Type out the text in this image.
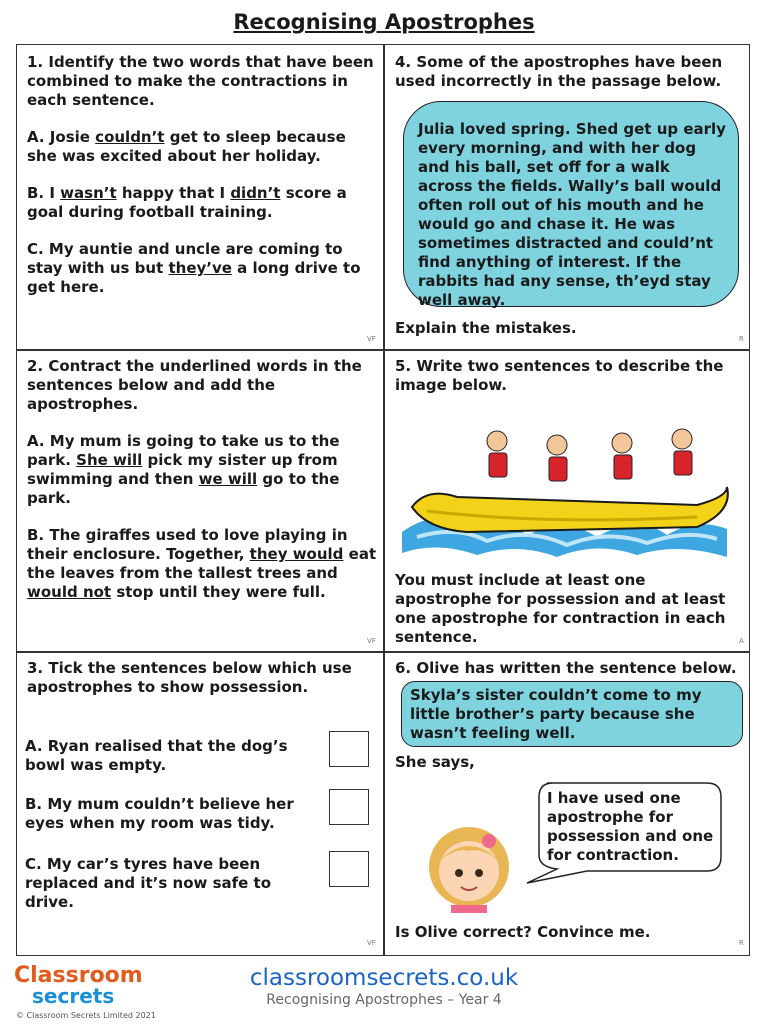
Recognising Apostrophes

1. Identify the two words that have been combined to make the contractions in each sentence.

A. Josie couldn’t get to sleep because she was excited about her holiday.

B. I wasn’t happy that I didn’t score a goal during football training.

C. My auntie and uncle are coming to stay with us but they’ve a long drive to get here.

VF
4. Some of the apostrophes have been used incorrectly in the passage below.
Julia loved spring. Shed get up early every morning, and with her dog and his ball, set off for a walk across the fields. Wally’s ball would often roll out of his mouth and he would go and chase it. He was sometimes distracted and could’nt find anything of interest. If the rabbits had any sense, th’eyd stay well away.
Explain the mistakes.
R

2. Contract the underlined words in the sentences below and add the apostrophes.

A. My mum is going to take us to the park. She will pick my sister up from swimming and then we will go to the park.

B. The giraffes used to love playing in their enclosure. Together, they would eat the leaves from the tallest trees and would not stop until they were full.

VF
5. Write two sentences to describe the image below.
You must include at least one apostrophe for possession and at least one apostrophe for contraction in each sentence.	A
3. Tick the sentences below which use apostrophes to show possession.
A. Ryan realised that the dog’s bowl was empty.
B. My mum couldn’t believe her eyes when my room was tidy.
C. My car’s tyres have been replaced and it’s now safe to drive.
VF
6. Olive has written the sentence below.
Skyla’s sister couldn’t come to my little brother’s party because she wasn’t feeling well.
She says,
I have used one apostrophe for possession and one for contraction.
Is Olive correct? Convince me.
R
Classroom
secrets
classroomsecrets.co.uk
Recognising Apostrophes – Year 4
© Classroom Secrets Limited 2021
